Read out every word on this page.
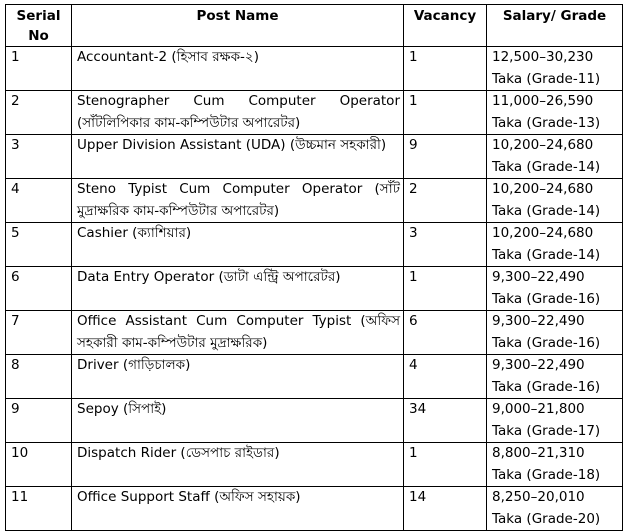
Serial No	Post Name	Vacancy	Salary/ Grade
1	Accountant-2 (হিসাব রক্ষক-২)	1	12,500–30,230
Taka (Grade-11)

2	Stenographer Cum Computer Operator (সাঁটলিপিকার কাম-কম্পিউটার অপারেটর)	1	11,000–26,590
Taka (Grade-13)

3	Upper Division Assistant (UDA) (উচ্চমান সহকারী)	9	10,200–24,680
Taka (Grade-14)

4	Steno Typist Cum Computer Operator (সাঁট মুদ্রাক্ষরিক কাম-কম্পিউটার অপারেটর)	2	10,200–24,680
Taka (Grade-14)

5	Cashier (ক্যাশিয়ার)	3	10,200–24,680
Taka (Grade-14)

6	Data Entry Operator (ডাটা এন্ট্রি অপারেটর)	1	9,300–22,490
Taka (Grade-16)

7	Office Assistant Cum Computer Typist (অফিস সহকারী কাম-কম্পিউটার মুদ্রাক্ষরিক)	6	9,300–22,490
Taka (Grade-16)

8	Driver (গাড়িচালক)	4	9,300–22,490
Taka (Grade-16)

9	Sepoy (সিপাই)	34	9,000–21,800
Taka (Grade-17)

10	Dispatch Rider (ডেসপাচ রাইডার)	1	8,800–21,310
Taka (Grade-18)

11	Office Support Staff (অফিস সহায়ক)	14	8,250–20,010
Taka (Grade-20)
